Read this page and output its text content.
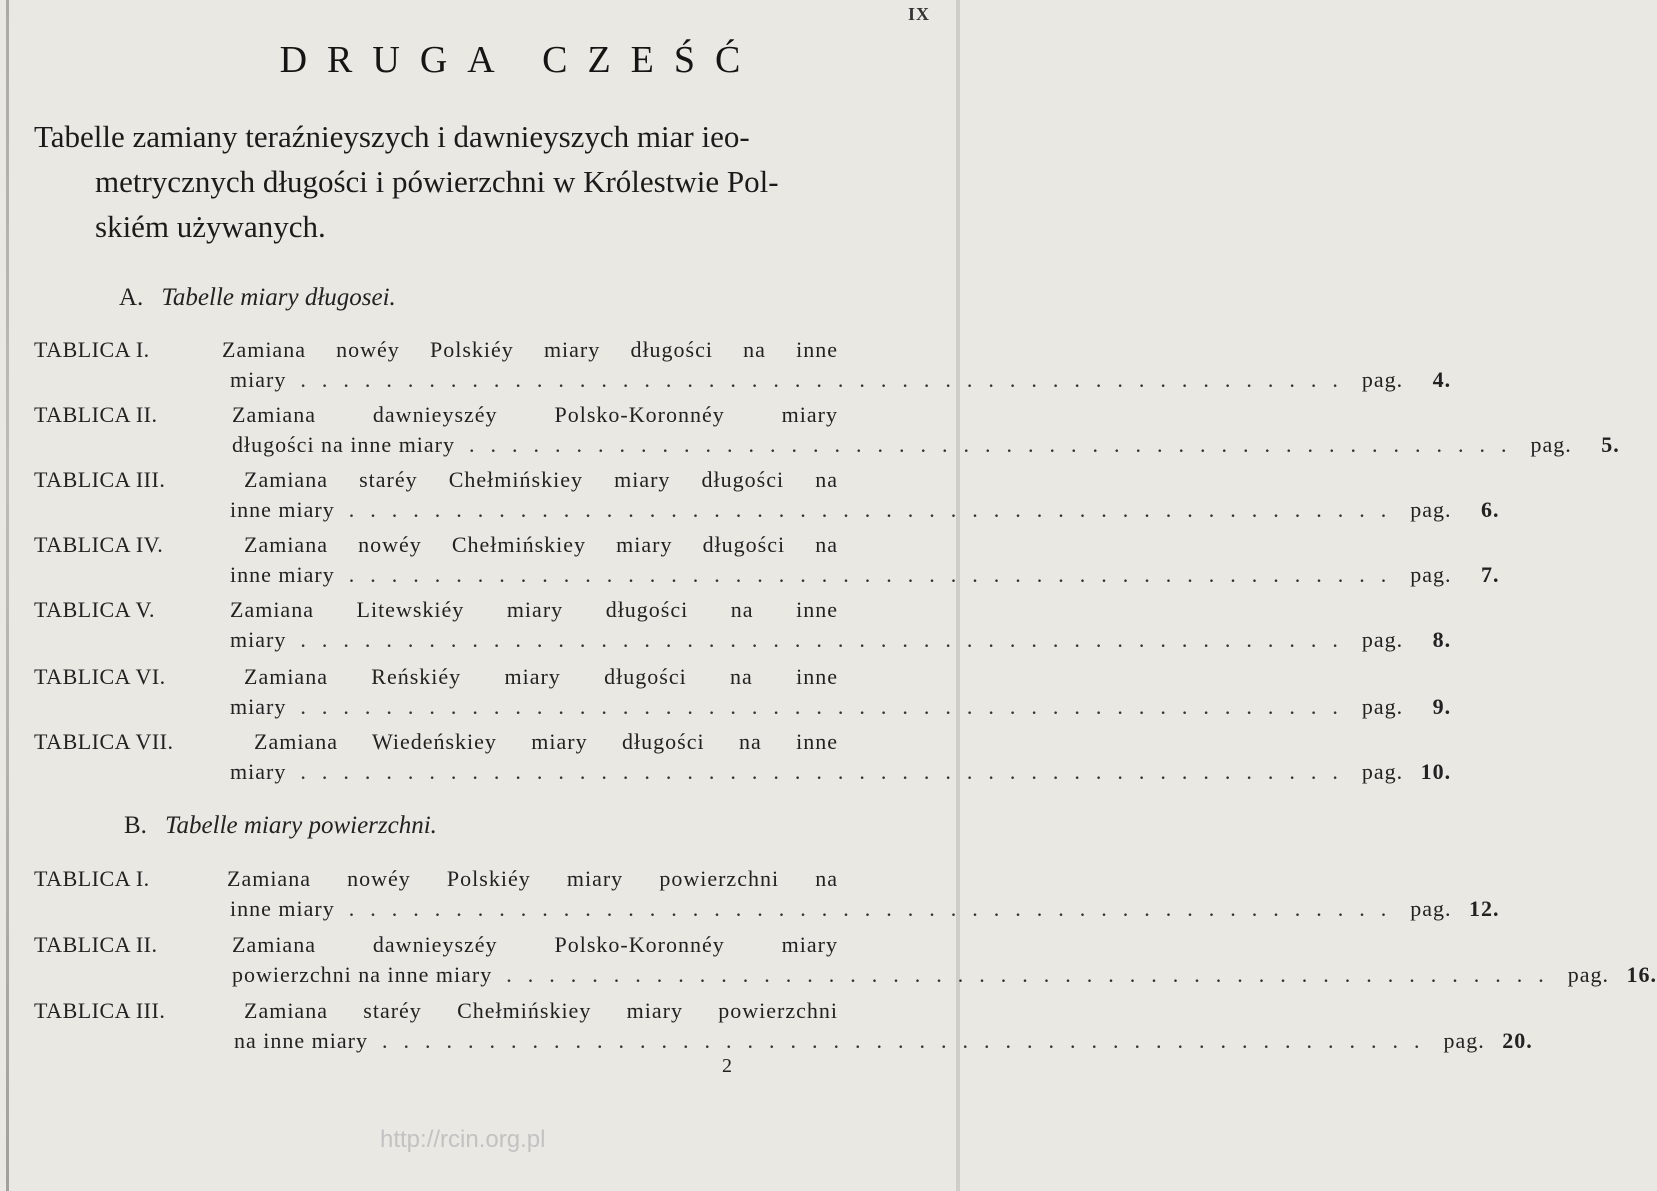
IX
DRUGA CZEŚĆ
Tabelle zamiany teraźnieyszych i dawnieyszych miar ieo-
metrycznych długości i pówierzchni w Królestwie Pol-
skiém używanych.
A. Tabelle miary długosei.
TABLICA I.	Zamiana nowéy Polskiéy miary długości na inne
miary ................................................. pag. 4.
TABLICA II.	Zamiana dawnieyszéy Polsko-Koronnéy miary
długości na inne miary ................................................. pag. 5.
TABLICA III.	Zamiana staréy Chełmińskiey miary długości na
inne miary ................................................. pag. 6.
TABLICA IV.	Zamiana nowéy Chełmińskiey miary długości na
inne miary ................................................. pag. 7.
TABLICA V.	Zamiana Litewskiéy miary długości na inne
miary ................................................. pag. 8.
TABLICA VI.	Zamiana Reńskiéy miary długości na inne
miary ................................................. pag. 9.
TABLICA VII.	Zamiana Wiedeńskiey miary długości na inne
miary ................................................. pag. 10.
B. Tabelle miary powierzchni.
TABLICA I.	Zamiana nowéy Polskiéy miary powierzchni na
inne miary ................................................. pag. 12.
TABLICA II.	Zamiana dawnieyszéy Polsko-Koronnéy miary
powierzchni na inne miary ................................................. pag. 16.
TABLICA III.	Zamiana staréy Chełmińskiey miary powierzchni
na inne miary ................................................. pag. 20.
2
http://rcin.org.pl
